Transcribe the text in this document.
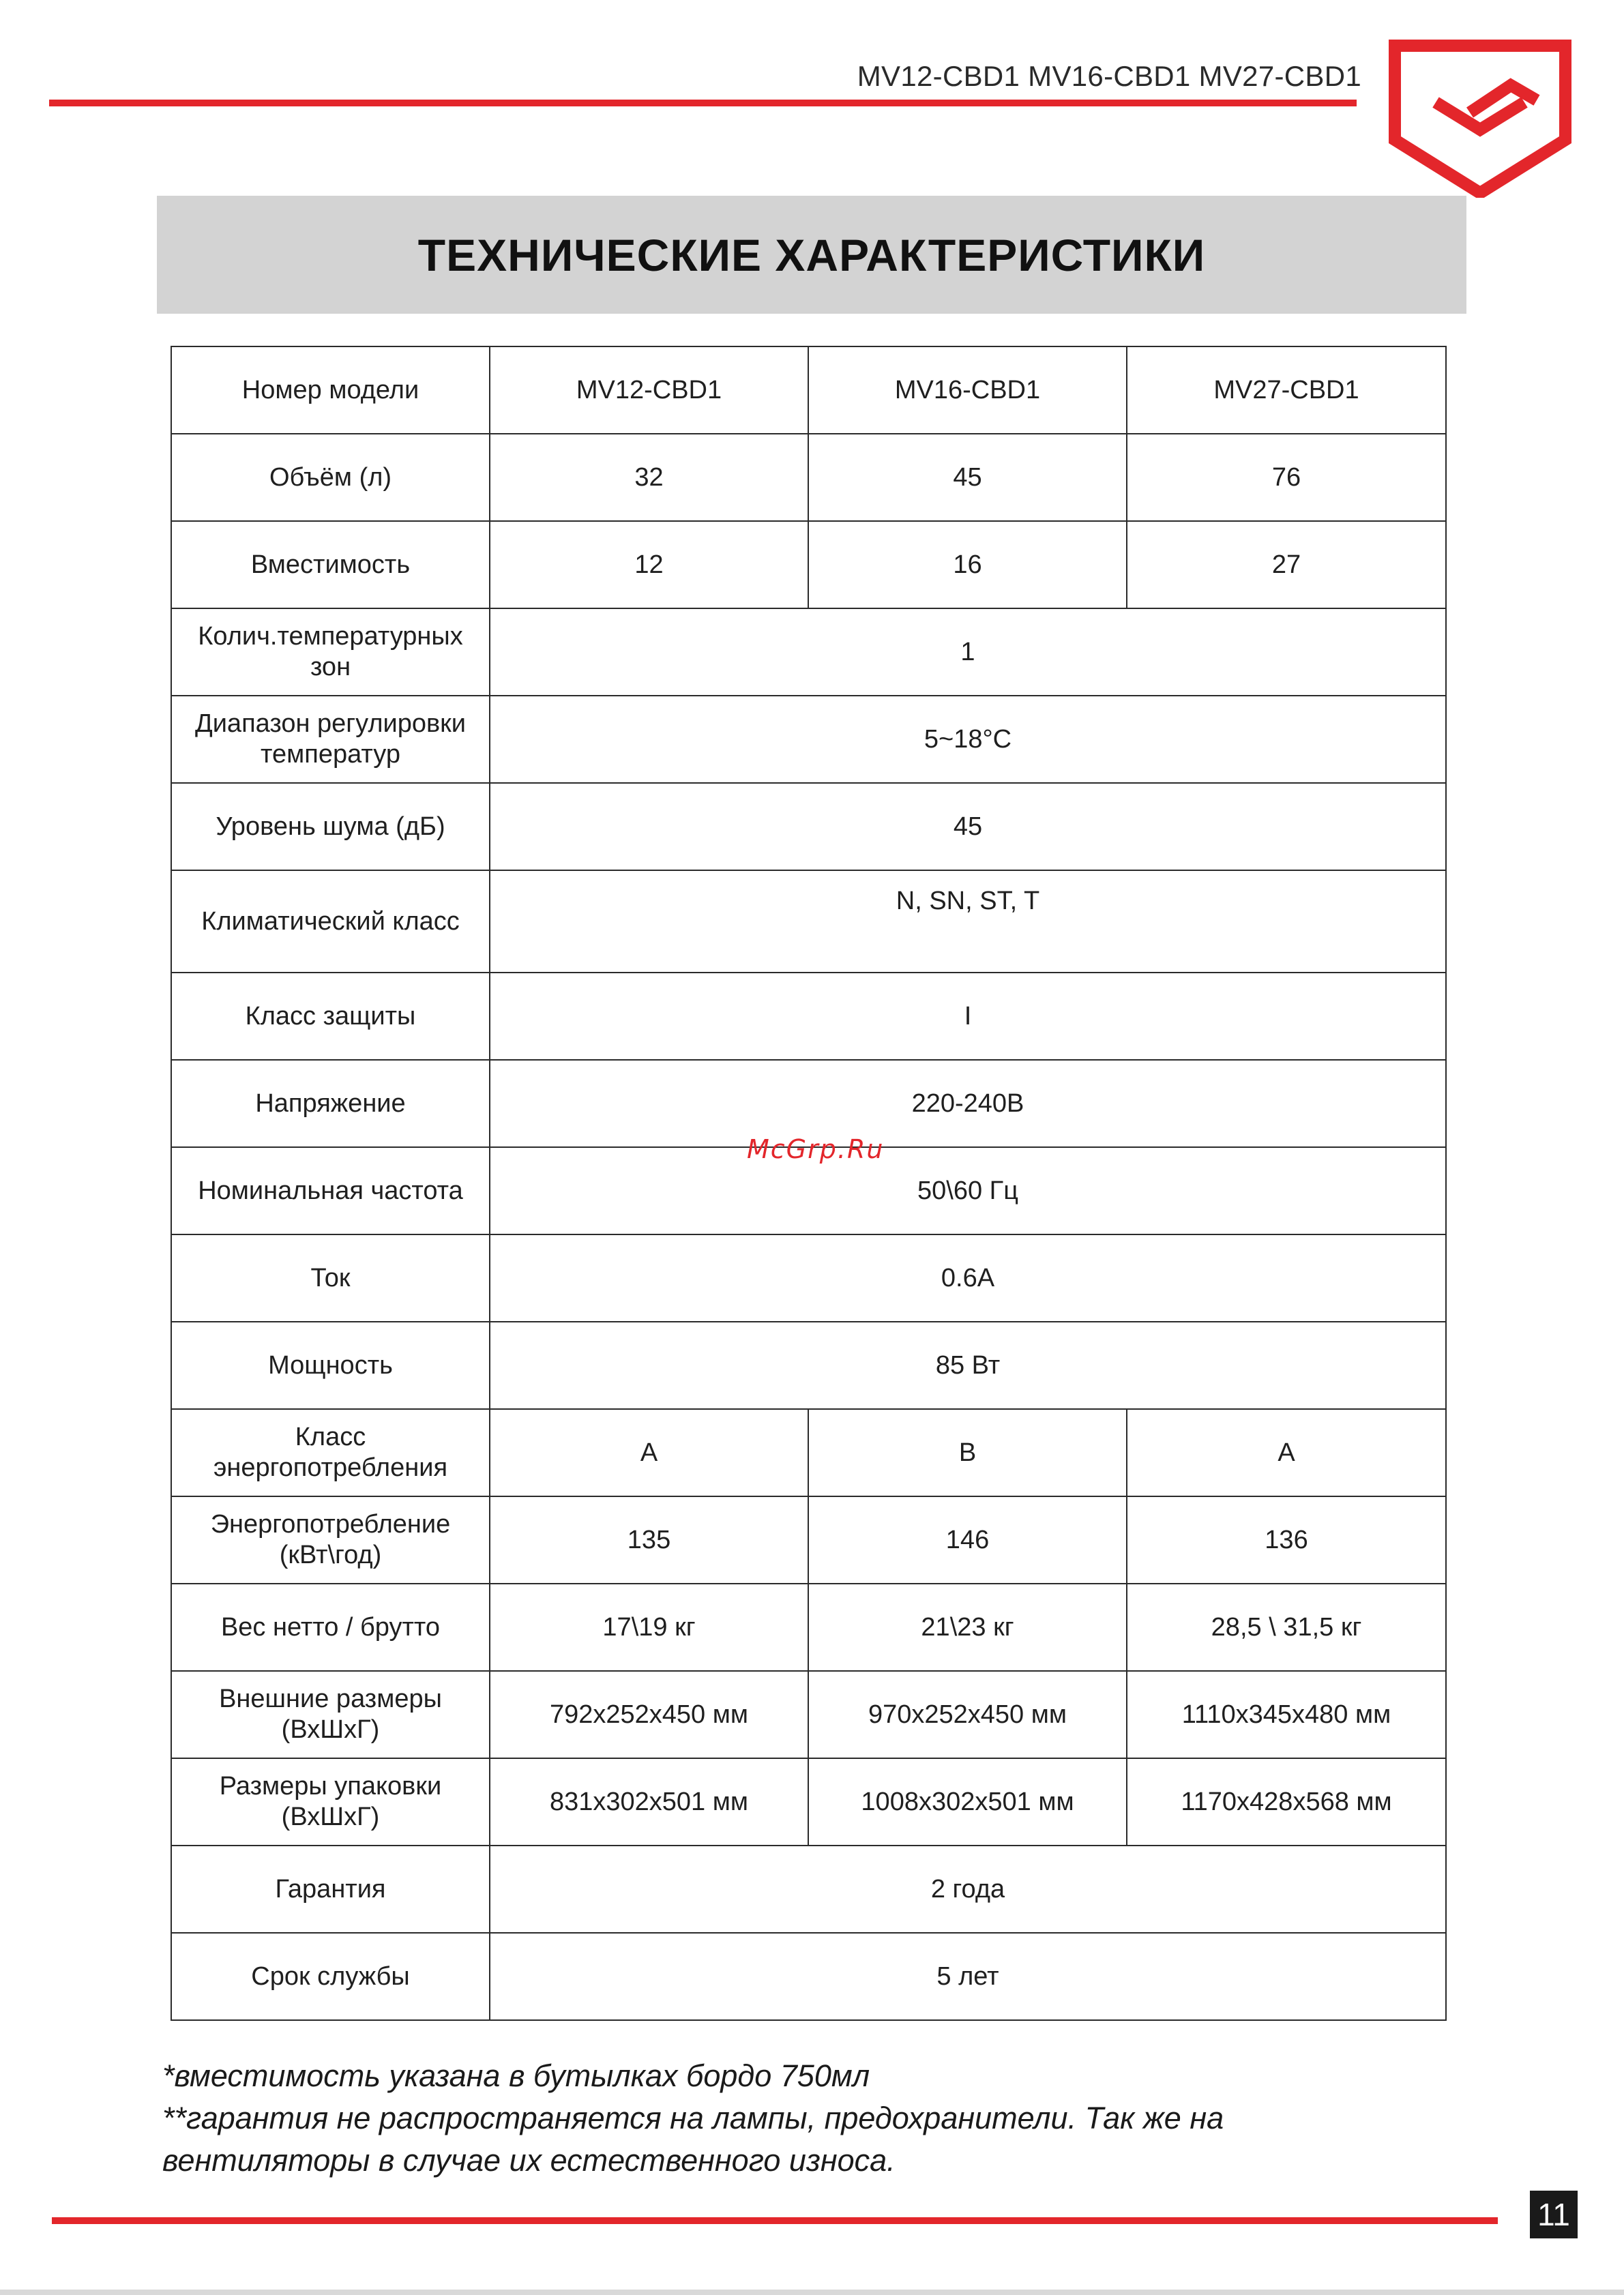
MV12-CBD1 MV16-CBD1 MV27-CBD1
ТЕХНИЧЕСКИЕ ХАРАКТЕРИСТИКИ
Номер модели	MV12-CBD1	MV16-CBD1	MV27-CBD1
Объём (л)	32	45	76
Вместимость	12	16	27
Колич.температурных зон	1		
Диапазон регулировки температур	5~18°C		
Уровень шума (дБ)	45		
Климатический класс	N, SN, ST, T		
Класс защиты	I		
Напряжение	220-240В		
Номинальная частота	50\60 Гц		
Ток	0.6A		
Мощность	85 Вт		
Класс энергопотребления	A	B	A
Энергопотребление (кВт\год)	135	146	136
Вес нетто / брутто	17\19 кг	21\23 кг	28,5 \ 31,5 кг
Внешние размеры (ВхШхГ)	792x252x450 мм	970x252x450 мм	1110x345x480 мм
Размеры упаковки (ВхШхГ)	831x302x501 мм	1008x302x501 мм	1170x428x568 мм
Гарантия	2 года		
Срок службы	5 лет		
McGrp.Ru
*вместимость указана в бутылках бордо 750мл
**гарантия не распространяется на лампы, предохранители. Так же на
вентиляторы в случае их естественного износа.
11
